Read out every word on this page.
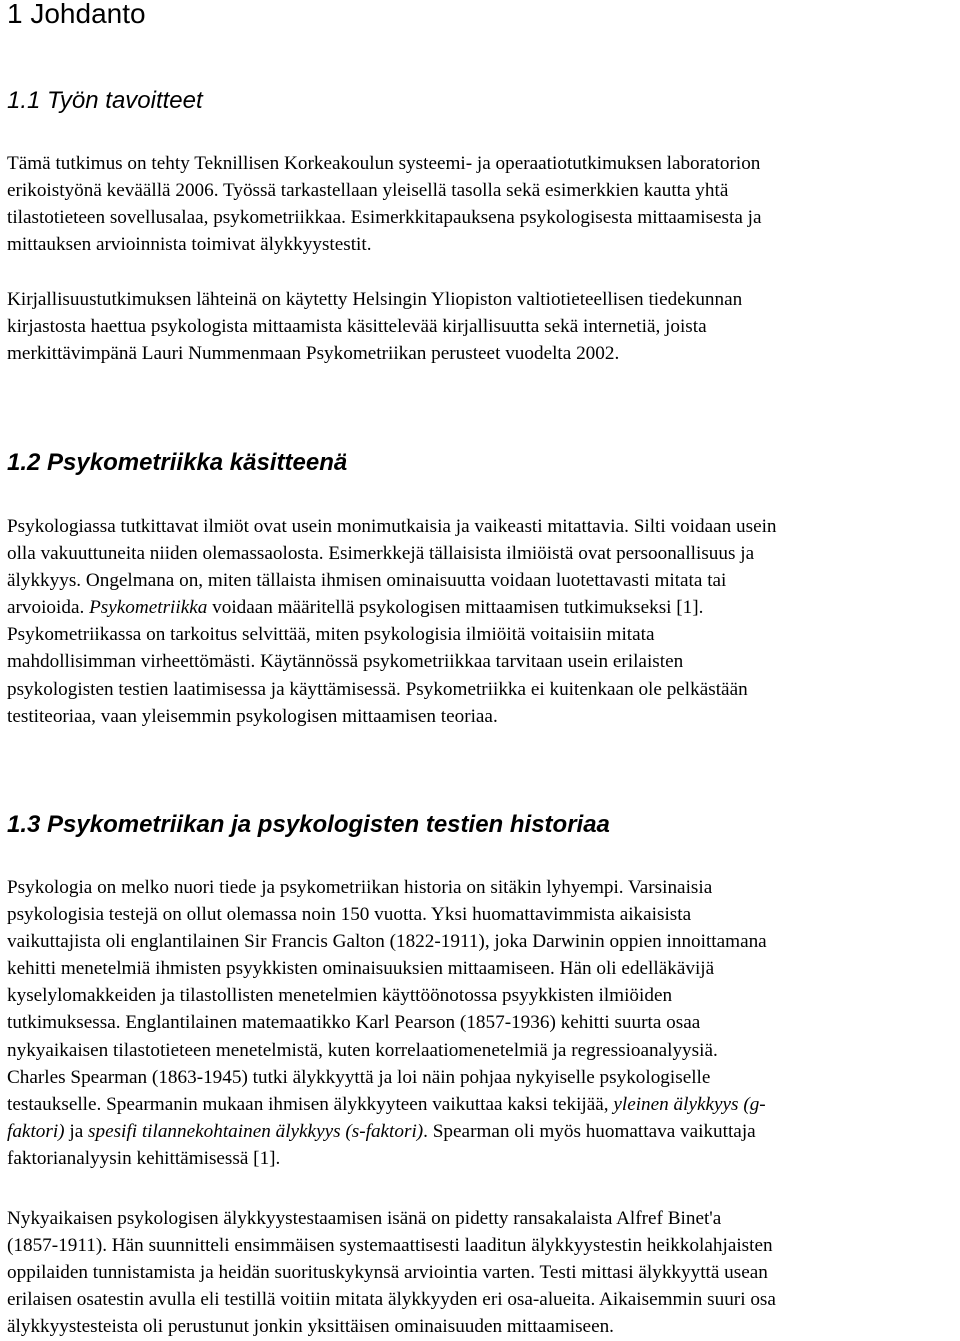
1 Johdanto
1.1 Työn tavoitteet
Tämä tutkimus on tehty Teknillisen Korkeakoulun systeemi- ja operaatiotutkimuksen laboratorion
erikoistyönä keväällä 2006. Työssä tarkastellaan yleisellä tasolla sekä esimerkkien kautta yhtä
tilastotieteen sovellusalaa, psykometriikkaa. Esimerkkitapauksena psykologisesta mittaamisesta ja
mittauksen arvioinnista toimivat älykkyystestit.
Kirjallisuustutkimuksen lähteinä on käytetty Helsingin Yliopiston valtiotieteellisen tiedekunnan
kirjastosta haettua psykologista mittaamista käsittelevää kirjallisuutta sekä internetiä, joista
merkittävimpänä Lauri Nummenmaan Psykometriikan perusteet vuodelta 2002.
1.2 Psykometriikka käsitteenä
Psykologiassa tutkittavat ilmiöt ovat usein monimutkaisia ja vaikeasti mitattavia. Silti voidaan usein
olla vakuuttuneita niiden olemassaolosta. Esimerkkejä tällaisista ilmiöistä ovat persoonallisuus ja
älykkyys. Ongelmana on, miten tällaista ihmisen ominaisuutta voidaan luotettavasti mitata tai
arvoioida. Psykometriikka voidaan määritellä psykologisen mittaamisen tutkimukseksi [1].
Psykometriikassa on tarkoitus selvittää, miten psykologisia ilmiöitä voitaisiin mitata
mahdollisimman virheettömästi. Käytännössä psykometriikkaa tarvitaan usein erilaisten
psykologisten testien laatimisessa ja käyttämisessä. Psykometriikka ei kuitenkaan ole pelkästään
testiteoriaa, vaan yleisemmin psykologisen mittaamisen teoriaa.
1.3 Psykometriikan ja psykologisten testien historiaa
Psykologia on melko nuori tiede ja psykometriikan historia on sitäkin lyhyempi. Varsinaisia
psykologisia testejä on ollut olemassa noin 150 vuotta. Yksi huomattavimmista aikaisista
vaikuttajista oli englantilainen Sir Francis Galton (1822-1911), joka Darwinin oppien innoittamana
kehitti menetelmiä ihmisten psyykkisten ominaisuuksien mittaamiseen. Hän oli edelläkävijä
kyselylomakkeiden ja tilastollisten menetelmien käyttöönotossa psyykkisten ilmiöiden
tutkimuksessa. Englantilainen matemaatikko Karl Pearson (1857-1936) kehitti suurta osaa
nykyaikaisen tilastotieteen menetelmistä, kuten korrelaatiomenetelmiä ja regressioanalyysiä.
Charles Spearman (1863-1945) tutki älykkyyttä ja loi näin pohjaa nykyiselle psykologiselle
testaukselle. Spearmanin mukaan ihmisen älykkyyteen vaikuttaa kaksi tekijää, yleinen älykkyys (g-
faktori) ja spesifi tilannekohtainen älykkyys (s-faktori). Spearman oli myös huomattava vaikuttaja
faktorianalyysin kehittämisessä [1].
Nykyaikaisen psykologisen älykkyystestaamisen isänä on pidetty ransakalaista Alfref Binet'a
(1857-1911). Hän suunnitteli ensimmäisen systemaattisesti laaditun älykkyystestin heikkolahjaisten
oppilaiden tunnistamista ja heidän suorituskykynsä arviointia varten. Testi mittasi älykkyyttä usean
erilaisen osatestin avulla eli testillä voitiin mitata älykkyyden eri osa-alueita. Aikaisemmin suuri osa
älykkyystesteista oli perustunut jonkin yksittäisen ominaisuuden mittaamiseen.
